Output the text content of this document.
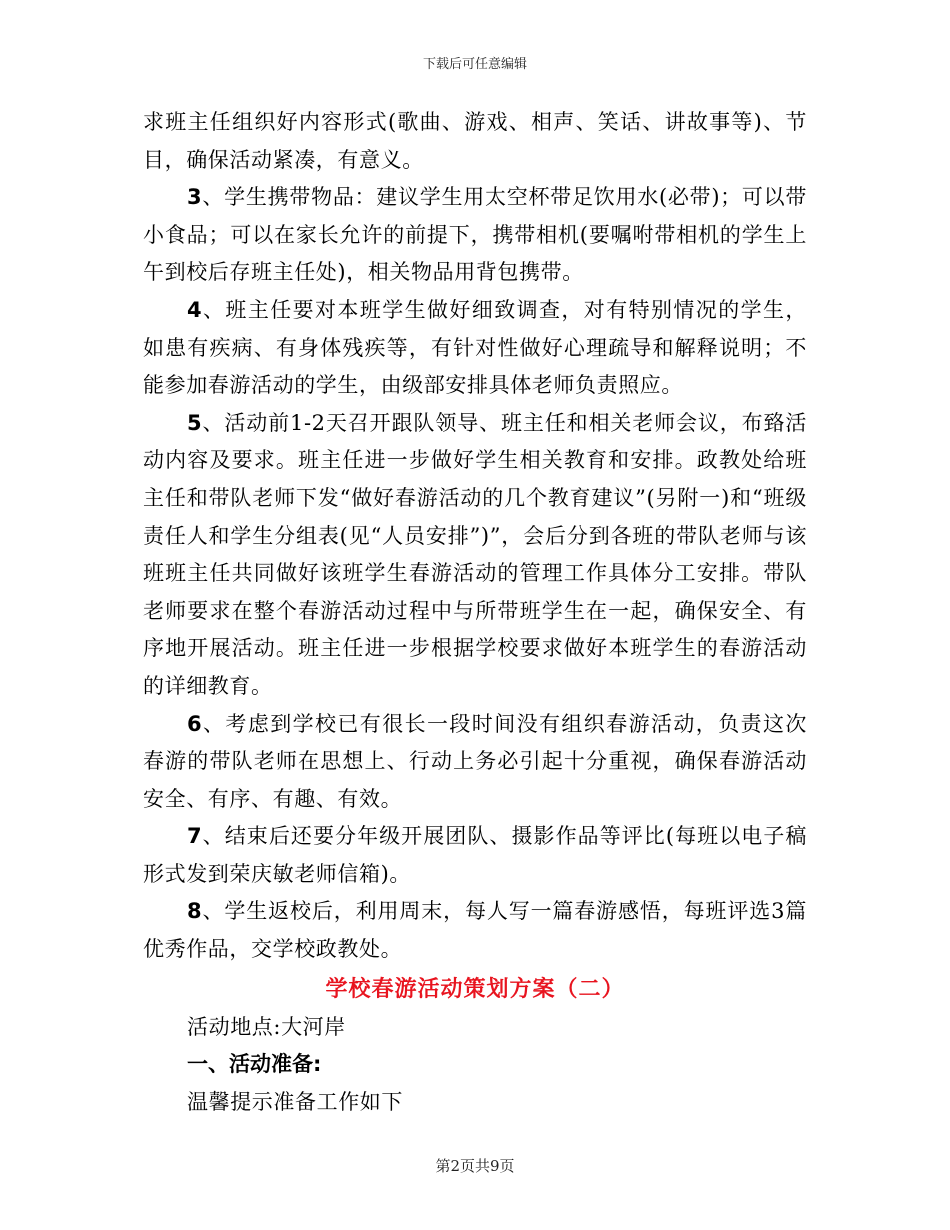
下载后可任意编辑

求班主任组织好内容形式(歌曲、游戏、相声、笑话、讲故事等)、节目，确保活动紧凑，有意义。

3、学生携带物品：建议学生用太空杯带足饮用水(必带)；可以带小食品；可以在家长允许的前提下，携带相机(要嘱咐带相机的学生上午到校后存班主任处)，相关物品用背包携带。

4、班主任要对本班学生做好细致调查，对有特别情况的学生，如患有疾病、有身体残疾等，有针对性做好心理疏导和解释说明；不能参加春游活动的学生，由级部安排具体老师负责照应。

5、活动前1-2天召开跟队领导、班主任和相关老师会议，布臵活动内容及要求。班主任进一步做好学生相关教育和安排。政教处给班主任和带队老师下发“做好春游活动的几个教育建议”(另附一)和“班级责任人和学生分组表(见“人员安排”)”，会后分到各班的带队老师与该班班主任共同做好该班学生春游活动的管理工作具体分工安排。带队老师要求在整个春游活动过程中与所带班学生在一起，确保安全、有序地开展活动。班主任进一步根据学校要求做好本班学生的春游活动的详细教育。

6、考虑到学校已有很长一段时间没有组织春游活动，负责这次春游的带队老师在思想上、行动上务必引起十分重视，确保春游活动安全、有序、有趣、有效。

7、结束后还要分年级开展团队、摄影作品等评比(每班以电子稿形式发到荣庆敏老师信箱)。

8、学生返校后，利用周末，每人写一篇春游感悟，每班评选3篇优秀作品，交学校政教处。

学校春游活动策划方案（二）

活动地点:大河岸

一、活动准备:

温馨提示准备工作如下

第2页共9页
